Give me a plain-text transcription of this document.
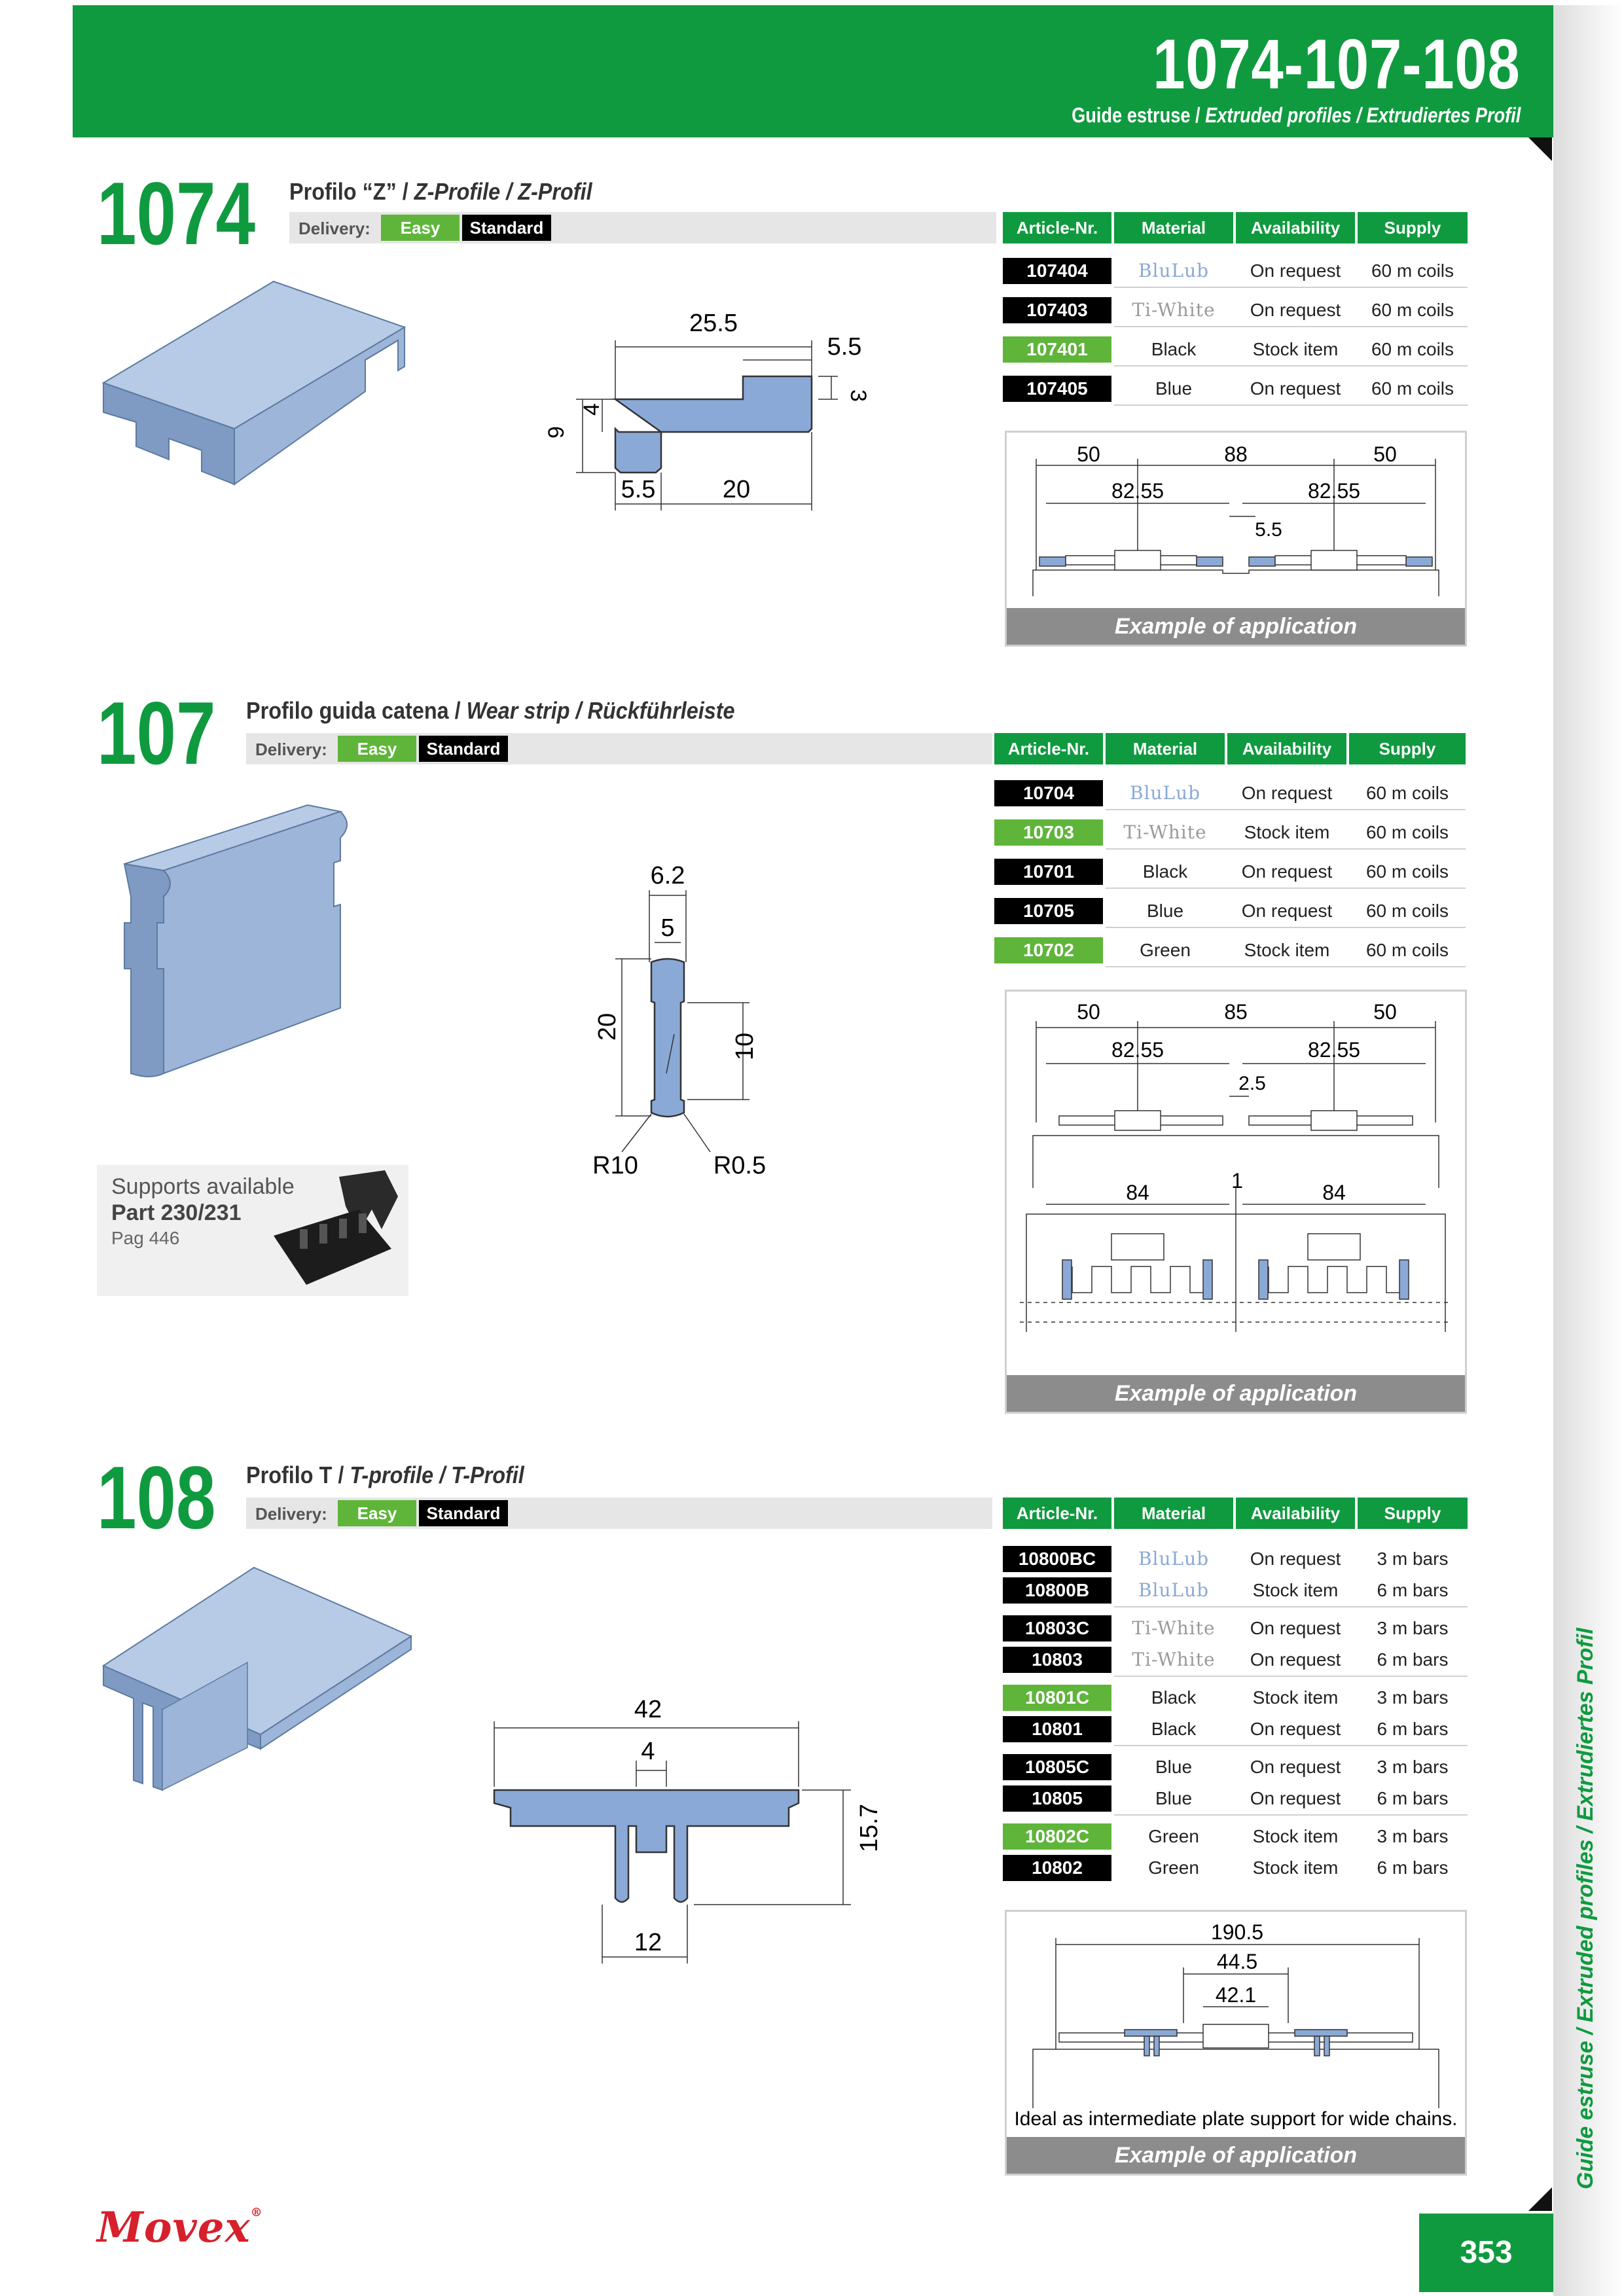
1074-107-108
Guide estruse / Extruded profiles / Extrudiertes Profil
Guide estruse / Extruded profiles / Extrudiertes Profil
1074 Profilo “Z” / Z-Profile / Z-Profil
Delivery:	Easy	Standard	Article-Nr.	Material	Availability	Supply
107404	BluLub	On request	60 m coils
107403	Ti-White	On request	60 m coils
107401	Black	Stock item	60 m coils
107405	Blue	On request	60 m coils
25.5
5.5
3
9
4
5.5	20
50	88	50
82.55	82.55
5.5
Example of application
107 Profilo guida catena / Wear strip / Rückführleiste
Delivery:	Easy	Standard	Article-Nr.	Material	Availability	Supply
10704	BluLub	On request	60 m coils
10703	Ti-White	Stock item	60 m coils
10701	Black	On request	60 m coils
10705	Blue	On request	60 m coils
10702	Green	Stock item	60 m coils
6.2
5
20
10
R10	R0.5
Supports available
Part 230/231
Pag 446
50	85	50
82.55	82.55
2.5
84	1	84
Example of application
108 Profilo T / T-profile / T-Profil
Delivery:	Easy	Standard	Article-Nr.	Material	Availability	Supply
10800BC	BluLub	On request	3 m bars
10800B	BluLub	Stock item	6 m bars
10803C	Ti-White	On request	3 m bars
10803	Ti-White	On request	6 m bars
10801C	Black	Stock item	3 m bars
10801	Black	On request	6 m bars
10805C	Blue	On request	3 m bars
10805	Blue	On request	6 m bars
10802C	Green	Stock item	3 m bars
10802	Green	Stock item	6 m bars
42
4
15.7
12	190.5
44.5
42.1
Ideal as intermediate plate support for wide chains.
Example of application
Movex®
353
